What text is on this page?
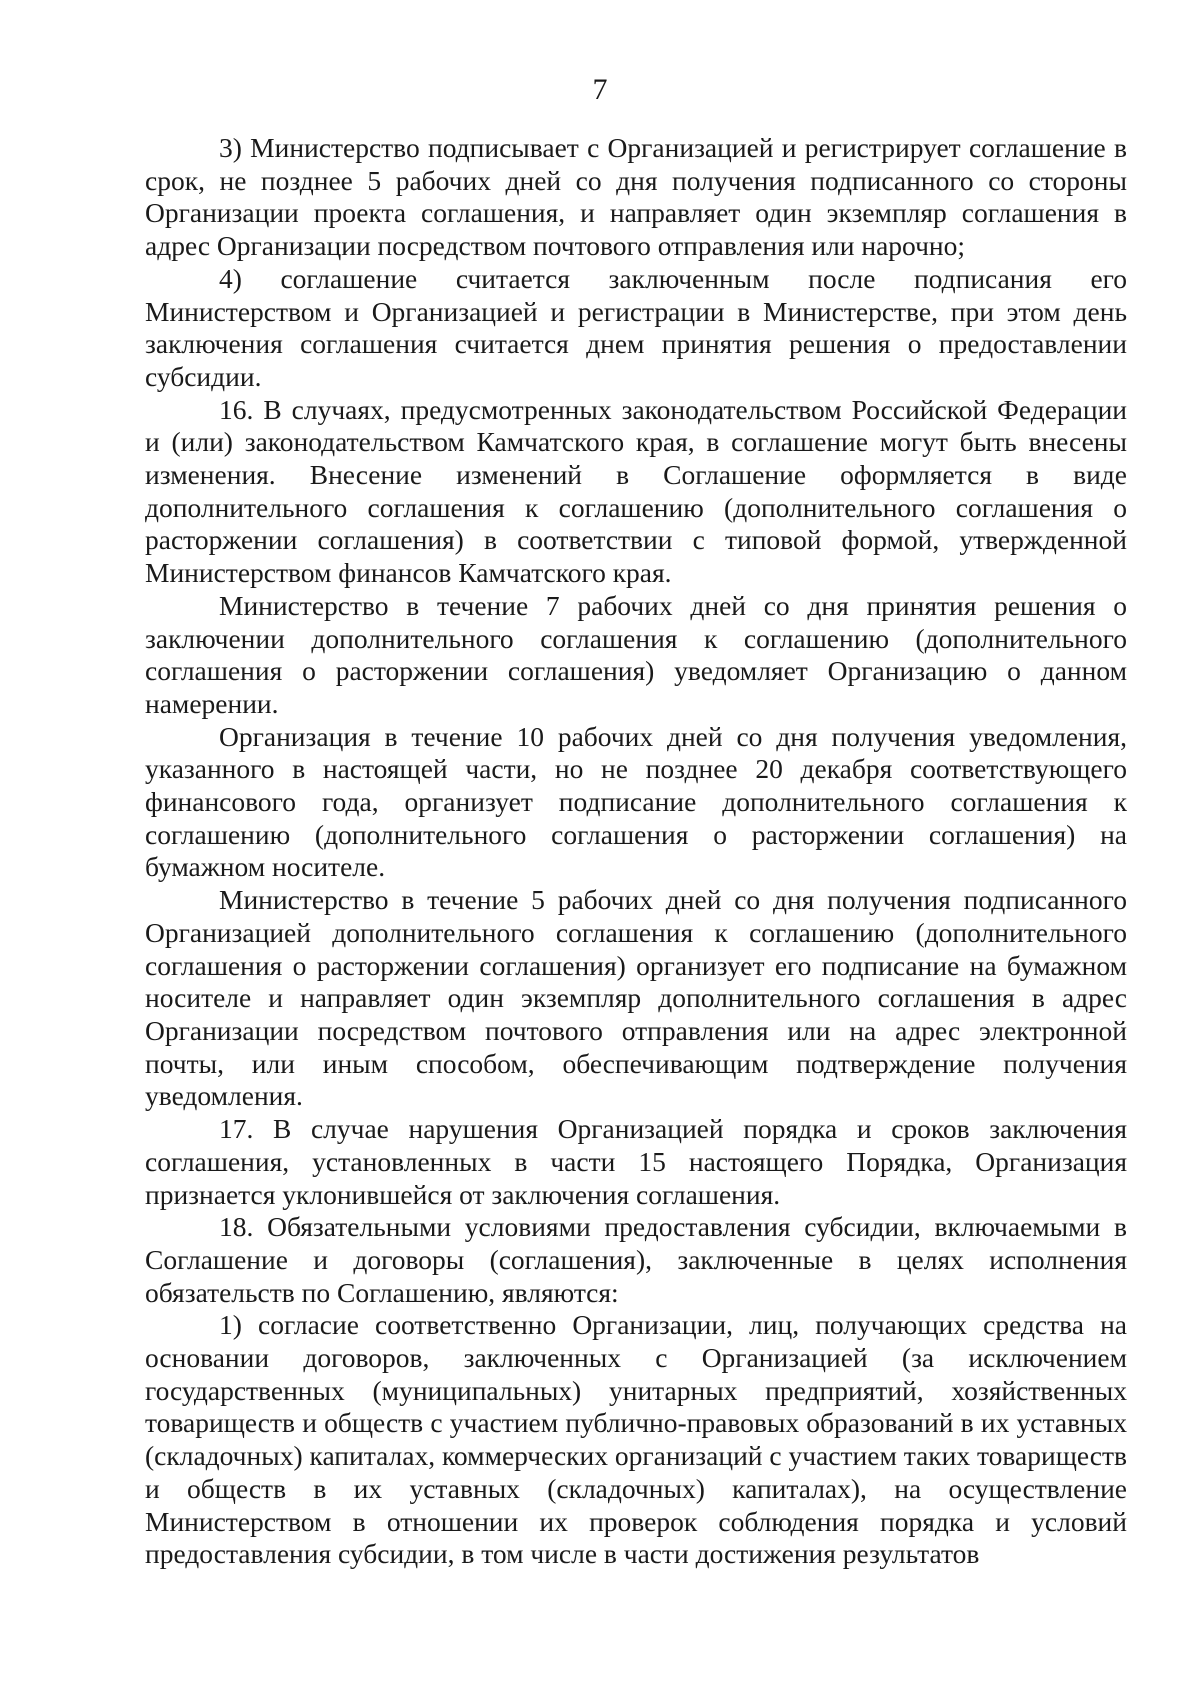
7

3) Министерство подписывает с Организацией и регистрирует соглашение в срок, не позднее 5 рабочих дней со дня получения подписанного со стороны Организации проекта соглашения, и направляет один экземпляр соглашения в адрес Организации посредством почтового отправления или нарочно;

4) соглашение считается заключенным после подписания его Министерством и Организацией и регистрации в Министерстве, при этом день заключения соглашения считается днем принятия решения о предоставлении субсидии.

16. В случаях, предусмотренных законодательством Российской Федерации и (или) законодательством Камчатского края, в соглашение могут быть внесены изменения. Внесение изменений в Соглашение оформляется в виде дополнительного соглашения к соглашению (дополнительного соглашения о расторжении соглашения) в соответствии с типовой формой, утвержденной Министерством финансов Камчатского края.

Министерство в течение 7 рабочих дней со дня принятия решения о заключении дополнительного соглашения к соглашению (дополнительного соглашения о расторжении соглашения) уведомляет Организацию о данном намерении.

Организация в течение 10 рабочих дней со дня получения уведомления, указанного в настоящей части, но не позднее 20 декабря соответствующего финансового года, организует подписание дополнительного соглашения к соглашению (дополнительного соглашения о расторжении соглашения) на бумажном носителе.

Министерство в течение 5 рабочих дней со дня получения подписанного Организацией дополнительного соглашения к соглашению (дополнительного соглашения о расторжении соглашения) организует его подписание на бумажном носителе и направляет один экземпляр дополнительного соглашения в адрес Организации посредством почтового отправления или на адрес электронной почты, или иным способом, обеспечивающим подтверждение получения уведомления.

17. В случае нарушения Организацией порядка и сроков заключения соглашения, установленных в части 15 настоящего Порядка, Организация признается уклонившейся от заключения соглашения.

18. Обязательными условиями предоставления субсидии, включаемыми в Соглашение и договоры (соглашения), заключенные в целях исполнения обязательств по Соглашению, являются:

1) согласие соответственно Организации, лиц, получающих средства на основании договоров, заключенных с Организацией (за исключением государственных (муниципальных) унитарных предприятий, хозяйственных товариществ и обществ с участием публично-правовых образований в их уставных (складочных) капиталах, коммерческих организаций с участием таких товариществ и обществ в их уставных (складочных) капиталах), на осуществление Министерством в отношении их проверок соблюдения порядка и условий предоставления субсидии, в том числе в части достижения результатов
